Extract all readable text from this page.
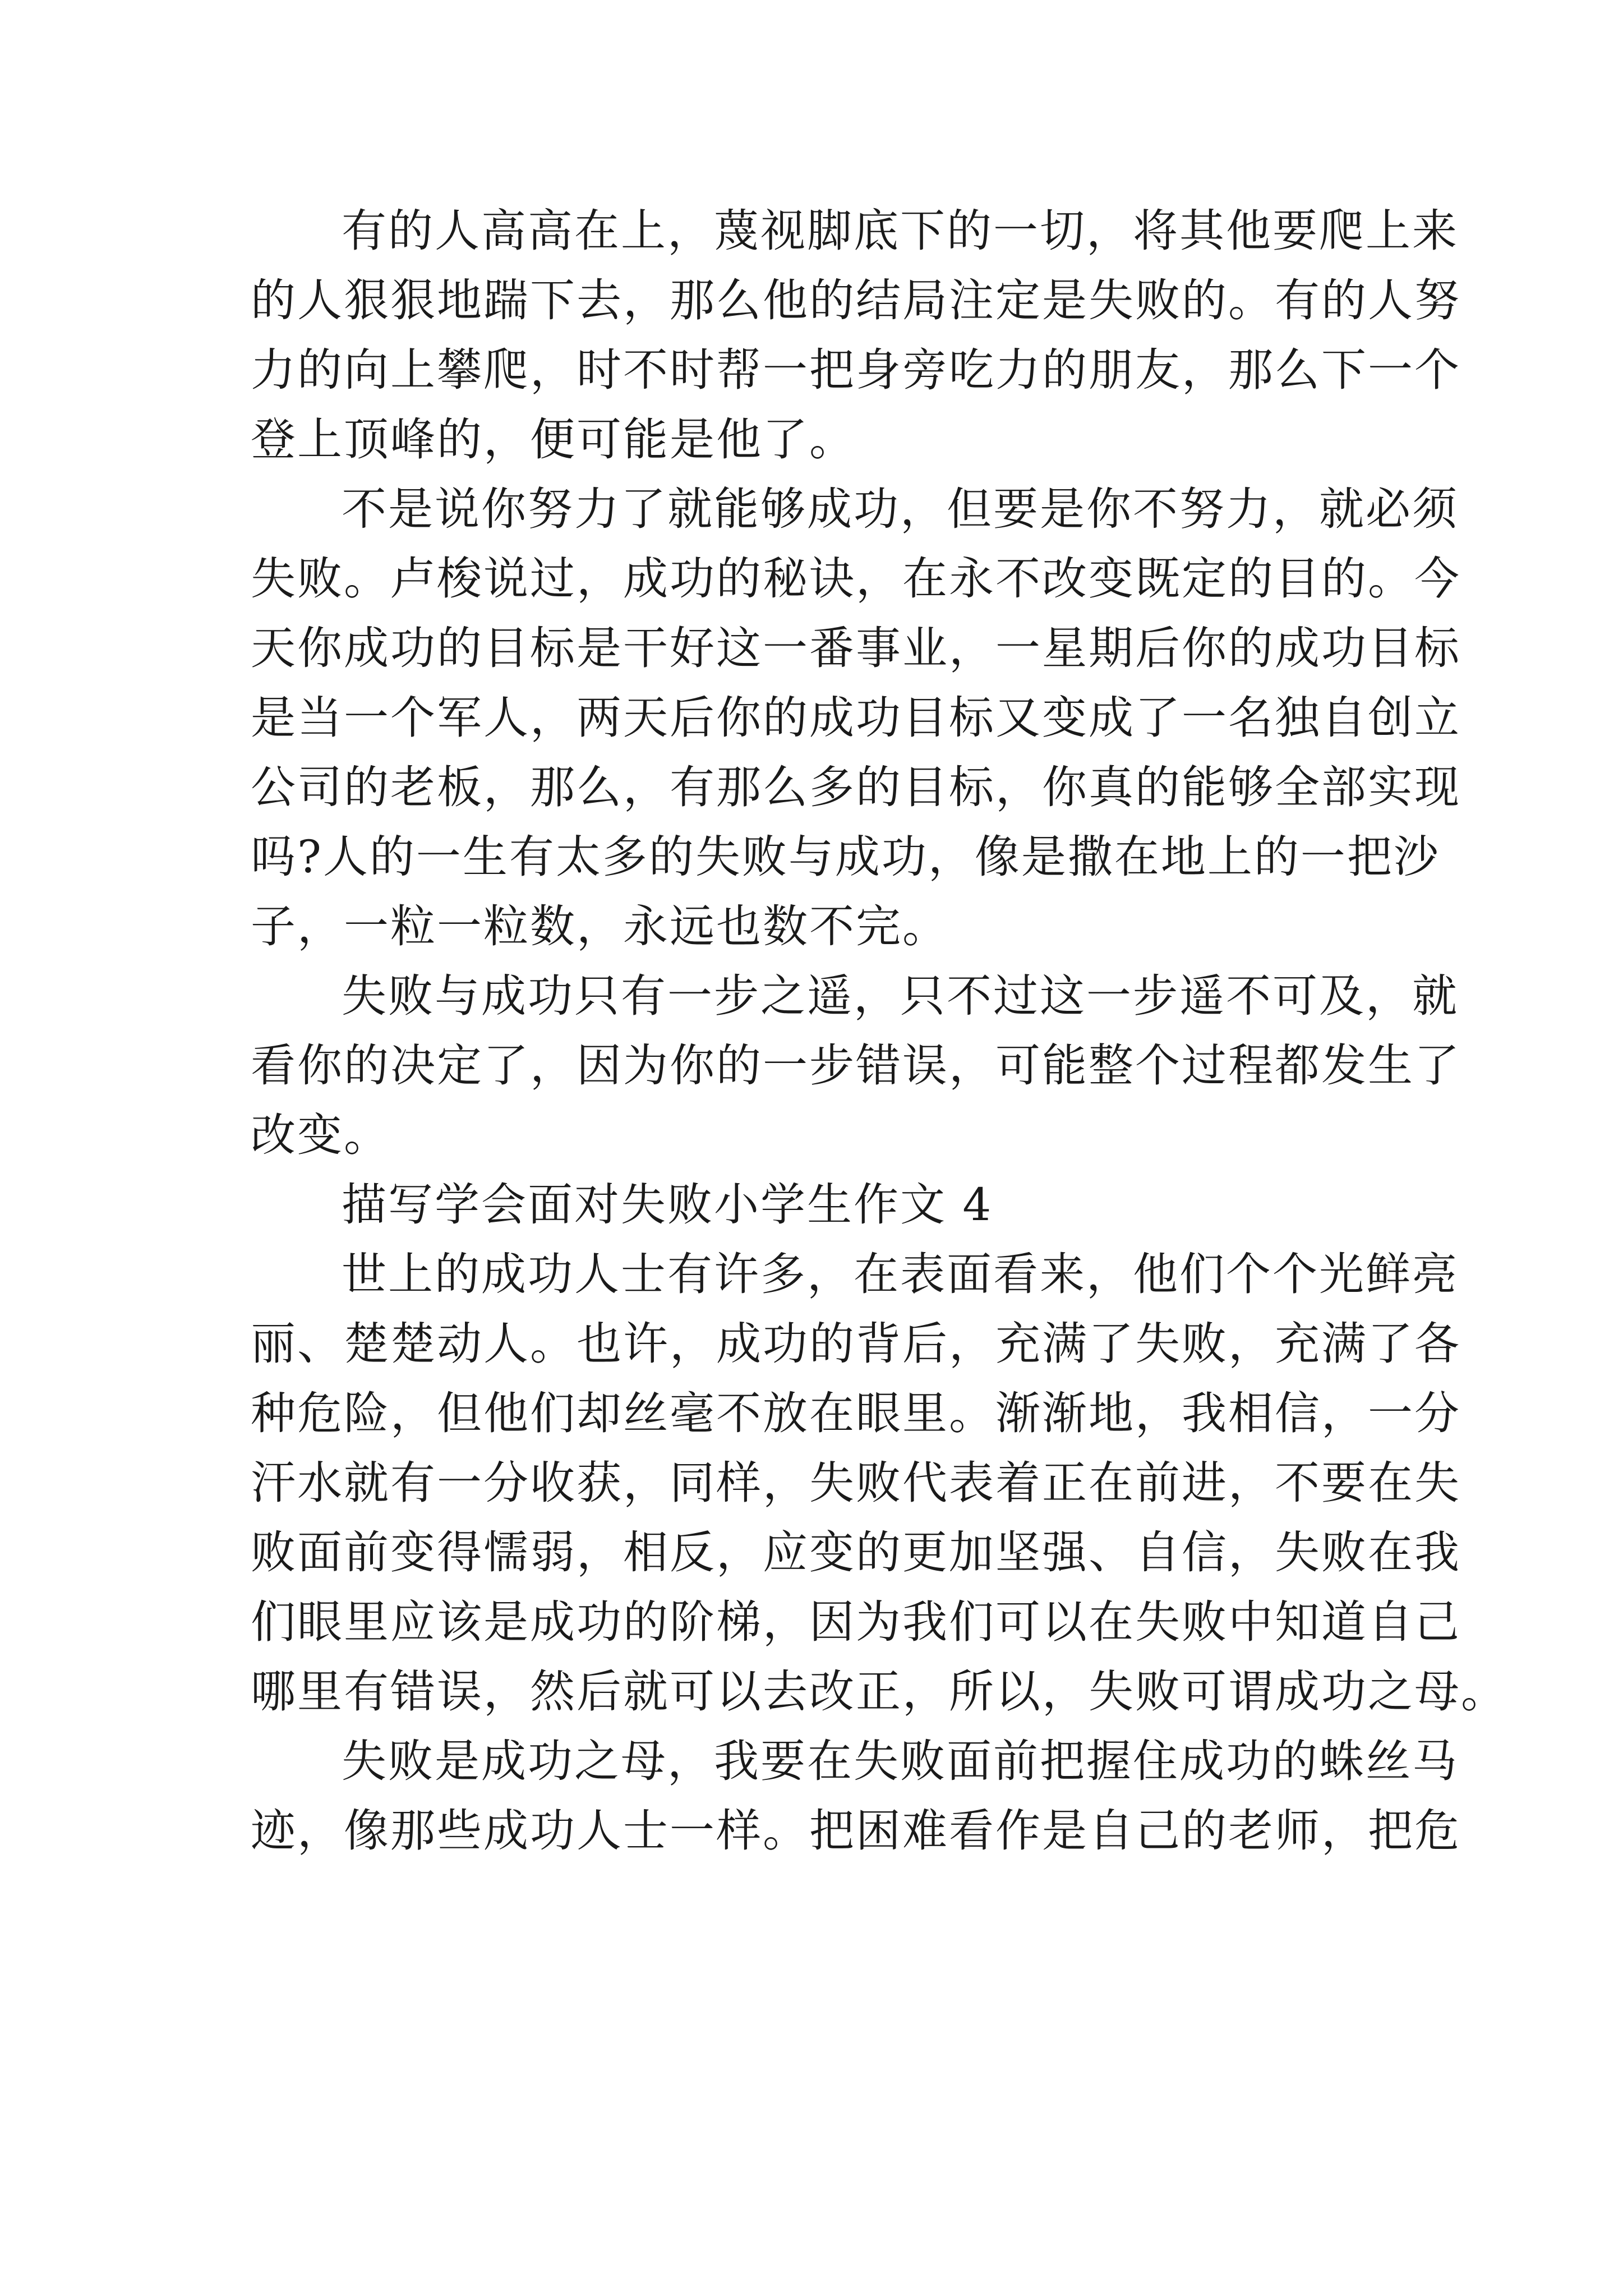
有的人高高在上，蔑视脚底下的一切，将其他要爬上来
的人狠狠地踹下去，那么他的结局注定是失败的。有的人努
力的向上攀爬，时不时帮一把身旁吃力的朋友，那么下一个
登上顶峰的，便可能是他了。
不是说你努力了就能够成功，但要是你不努力，就必须
失败。卢梭说过，成功的秘诀，在永不改变既定的目的。今
天你成功的目标是干好这一番事业，一星期后你的成功目标
是当一个军人，两天后你的成功目标又变成了一名独自创立
公司的老板，那么，有那么多的目标，你真的能够全部实现
吗?人的一生有太多的失败与成功，像是撒在地上的一把沙
子，一粒一粒数，永远也数不完。
失败与成功只有一步之遥，只不过这一步遥不可及，就
看你的决定了，因为你的一步错误，可能整个过程都发生了
改变。
描写学会面对失败小学生作文 4
世上的成功人士有许多，在表面看来，他们个个光鲜亮
丽、楚楚动人。也许，成功的背后，充满了失败，充满了各
种危险，但他们却丝毫不放在眼里。渐渐地，我相信，一分
汗水就有一分收获，同样，失败代表着正在前进，不要在失
败面前变得懦弱，相反，应变的更加坚强、自信，失败在我
们眼里应该是成功的阶梯，因为我们可以在失败中知道自己
哪里有错误，然后就可以去改正，所以，失败可谓成功之母。
失败是成功之母，我要在失败面前把握住成功的蛛丝马
迹，像那些成功人士一样。把困难看作是自己的老师，把危
